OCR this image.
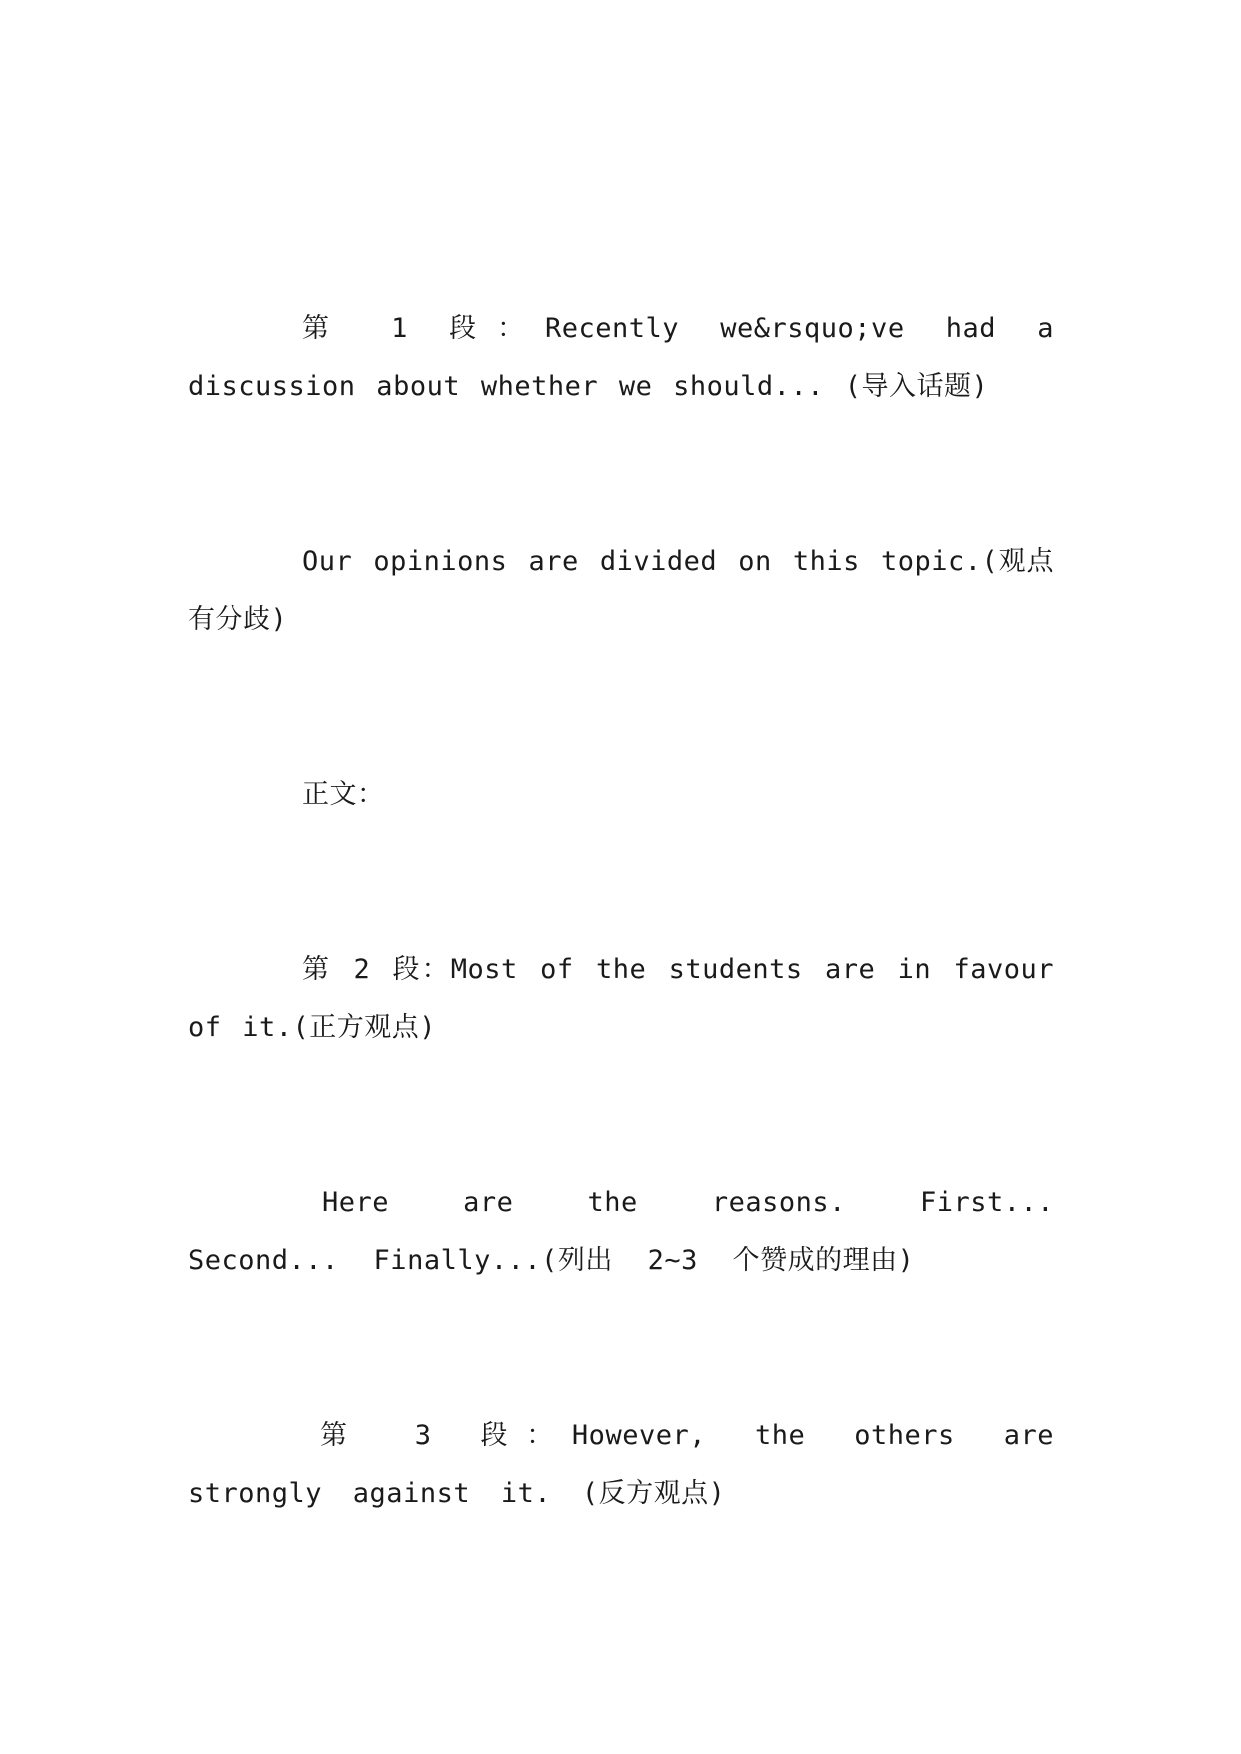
第 1 段：Recently we&rsquo;ve had a discussion about whether we should... (导入话题)

Our opinions are divided on this topic.(观点有分歧)

正文：

第 2 段：Most of the students are in favour of it.(正方观点)

Here are the reasons. First... Second... Finally...(列出 2~3 个赞成的理由)

第 3 段：However, the others are strongly against it. (反方观点)
